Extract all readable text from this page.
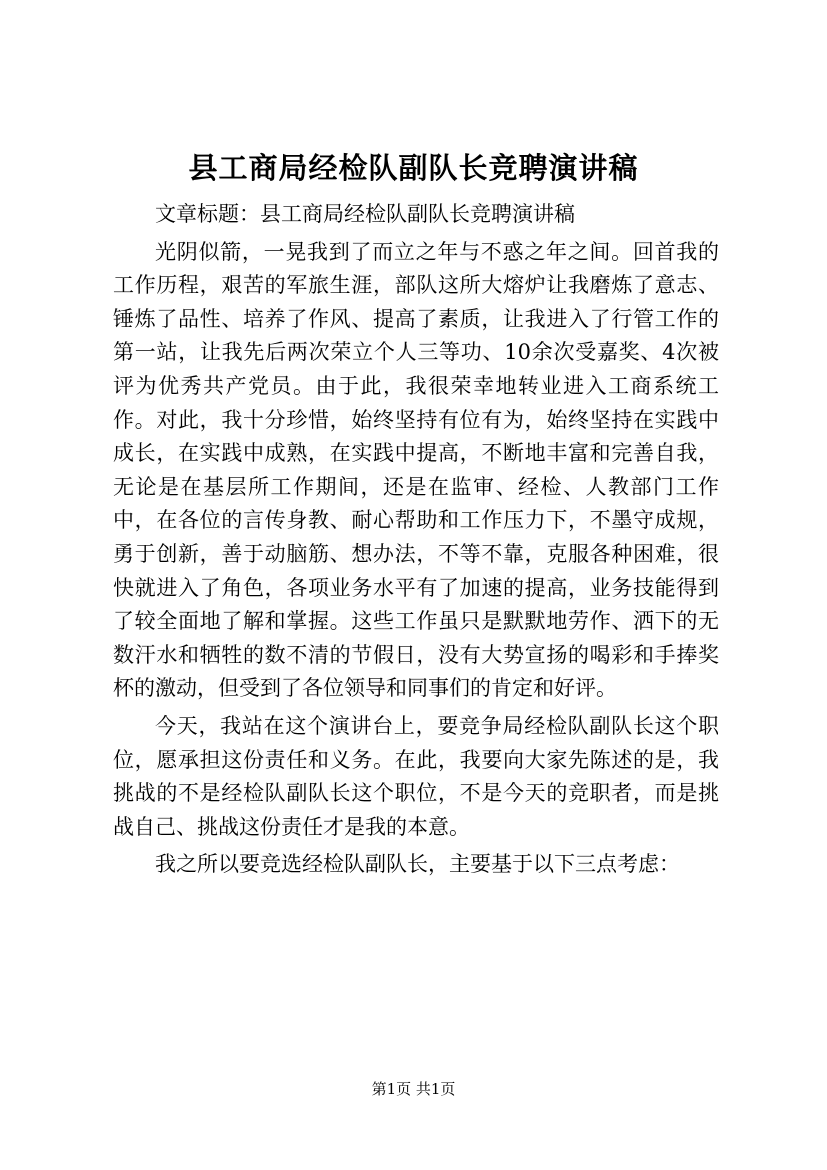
县工商局经检队副队长竞聘演讲稿

文章标题：县工商局经检队副队长竞聘演讲稿

光阴似箭，一晃我到了而立之年与不惑之年之间。回首我的工作历程，艰苦的军旅生涯，部队这所大熔炉让我磨炼了意志、锤炼了品性、培养了作风、提高了素质，让我进入了行管工作的第一站，让我先后两次荣立个人三等功、10余次受嘉奖、4次被评为优秀共产党员。由于此，我很荣幸地转业进入工商系统工作。对此，我十分珍惜，始终坚持有位有为，始终坚持在实践中成长，在实践中成熟，在实践中提高，不断地丰富和完善自我，无论是在基层所工作期间，还是在监审、经检、人教部门工作中，在各位的言传身教、耐心帮助和工作压力下，不墨守成规，勇于创新，善于动脑筋、想办法，不等不靠，克服各种困难，很快就进入了角色，各项业务水平有了加速的提高，业务技能得到了较全面地了解和掌握。这些工作虽只是默默地劳作、洒下的无数汗水和牺牲的数不清的节假日，没有大势宣扬的喝彩和手捧奖杯的激动，但受到了各位领导和同事们的肯定和好评。

今天，我站在这个演讲台上，要竞争局经检队副队长这个职位，愿承担这份责任和义务。在此，我要向大家先陈述的是，我挑战的不是经检队副队长这个职位，不是今天的竞职者，而是挑战自己、挑战这份责任才是我的本意。

我之所以要竞选经检队副队长，主要基于以下三点考虑：

第1页 共1页
